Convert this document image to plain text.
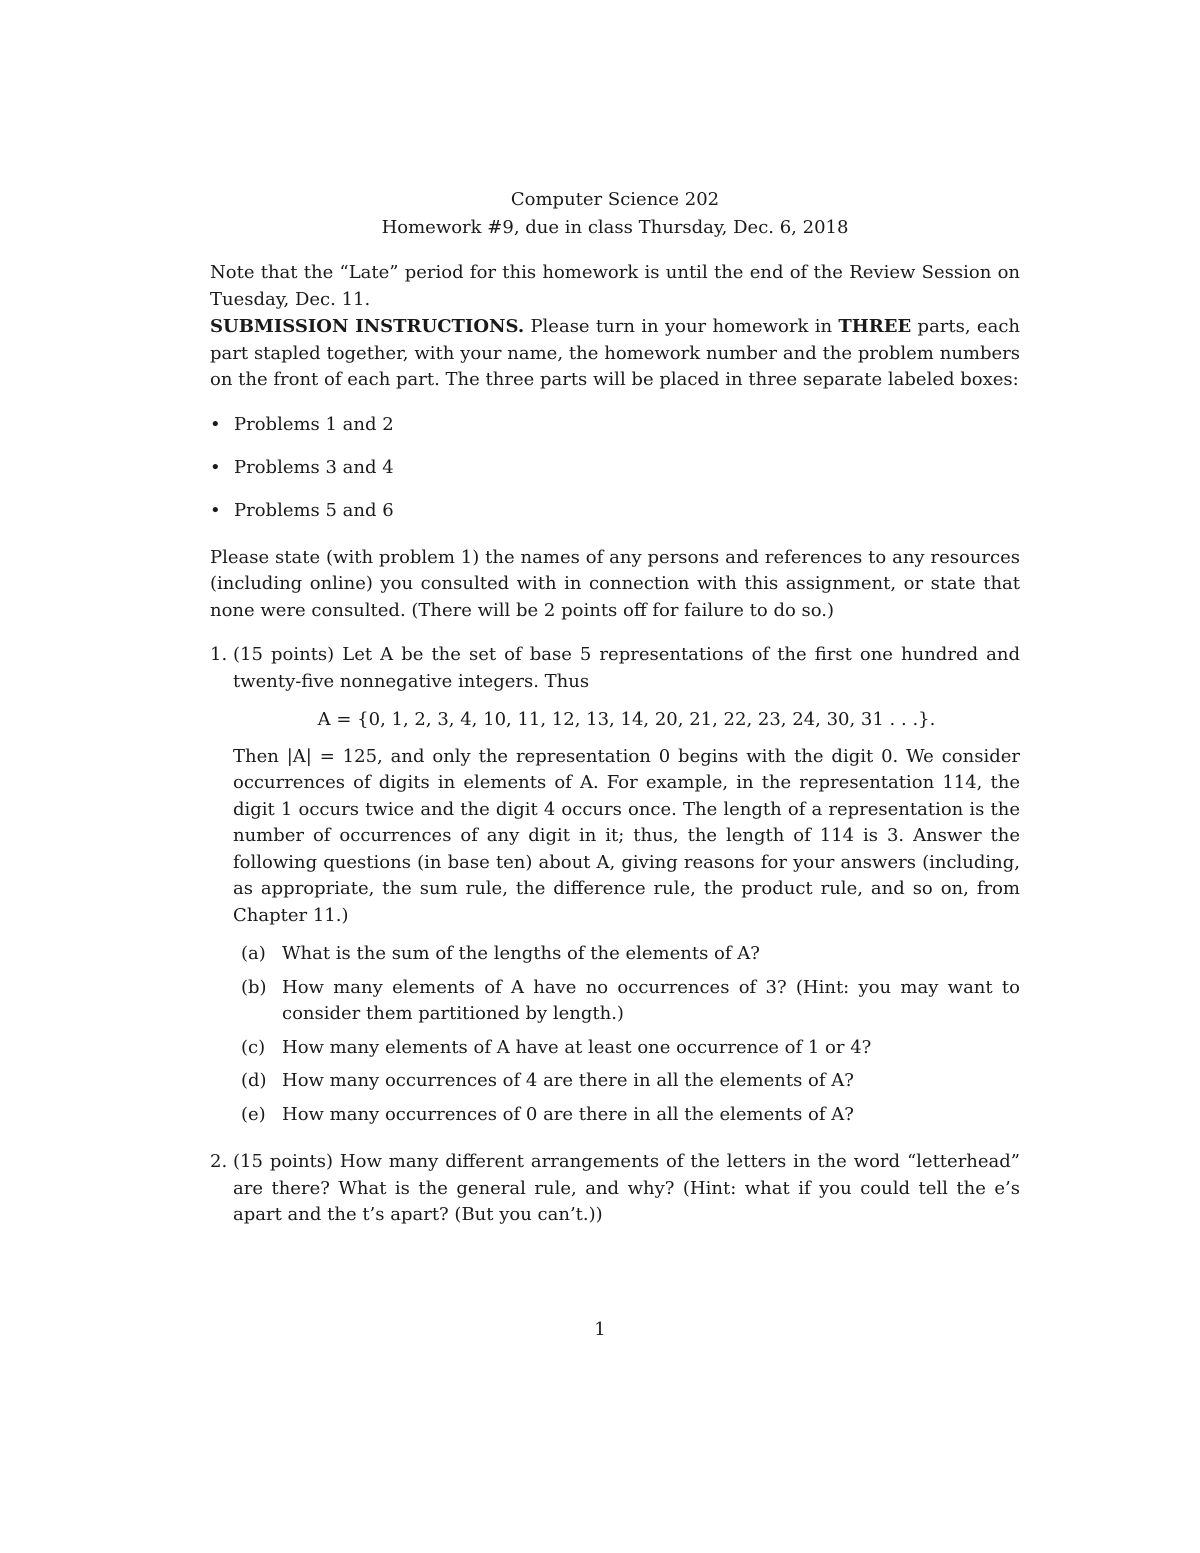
Computer Science 202
Homework #9, due in class Thursday, Dec. 6, 2018

Note that the “Late” period for this homework is until the end of the Review Session on Tuesday, Dec. 11.

SUBMISSION INSTRUCTIONS. Please turn in your homework in THREE parts, each part stapled together, with your name, the homework number and the problem numbers on the front of each part. The three parts will be placed in three separate labeled boxes:

• Problems 1 and 2
• Problems 3 and 4
• Problems 5 and 6

Please state (with problem 1) the names of any persons and references to any resources (including online) you consulted with in connection with this assignment, or state that none were consulted. (There will be 2 points off for failure to do so.)

1. (15 points) Let A be the set of base 5 representations of the first one hundred and twenty-five nonnegative integers. Thus

A = {0, 1, 2, 3, 4, 10, 11, 12, 13, 14, 20, 21, 22, 23, 24, 30, 31 . . .}.

Then |A| = 125, and only the representation 0 begins with the digit 0. We consider occurrences of digits in elements of A. For example, in the representation 114, the digit 1 occurs twice and the digit 4 occurs once. The length of a representation is the number of occurrences of any digit in it; thus, the length of 114 is 3. Answer the following questions (in base ten) about A, giving reasons for your answers (including, as appropriate, the sum rule, the difference rule, the product rule, and so on, from Chapter 11.)

(a) What is the sum of the lengths of the elements of A?
(b) How many elements of A have no occurrences of 3? (Hint: you may want to consider them partitioned by length.)
(c) How many elements of A have at least one occurrence of 1 or 4?
(d) How many occurrences of 4 are there in all the elements of A?
(e) How many occurrences of 0 are there in all the elements of A?
2. (15 points) How many different arrangements of the letters in the word “letterhead” are there? What is the general rule, and why? (Hint: what if you could tell the e’s apart and the t’s apart? (But you can’t.))

1
